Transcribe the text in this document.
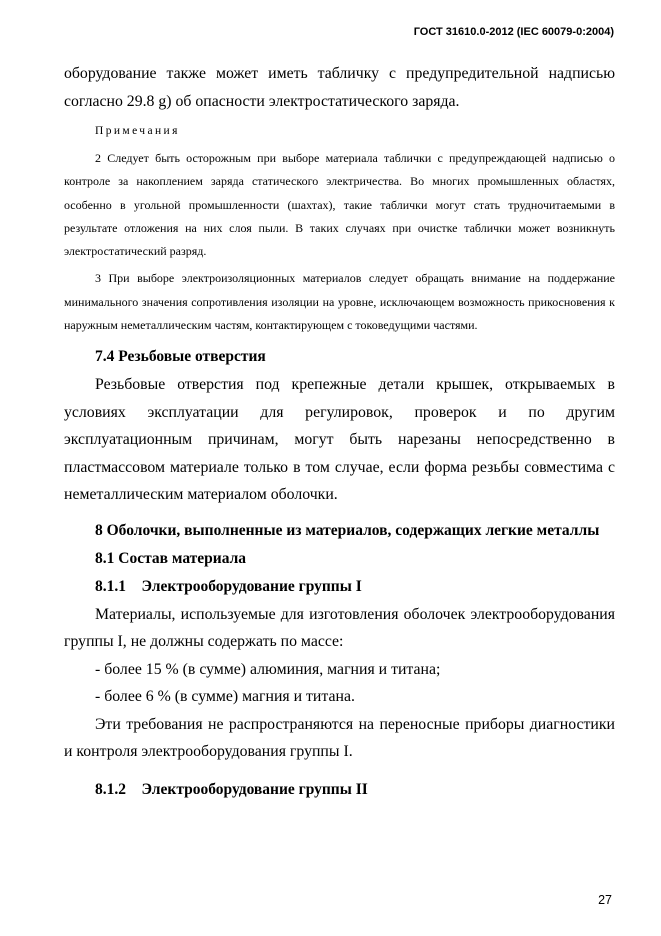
ГОСТ 31610.0-2012 (IEC 60079-0:2004)

оборудование также может иметь табличку с предупредительной надписью согласно 29.8 g) об опасности электростатического заряда.

Примечания

2 Следует быть осторожным при выборе материала таблички с предупреждающей надписью о контроле за накоплением заряда статического электричества. Во многих промышленных областях, особенно в угольной промышленности (шахтах), такие таблички могут стать трудночитаемыми в результате отложения на них слоя пыли. В таких случаях при очистке таблички может возникнуть электростатический разряд.

3 При выборе электроизоляционных материалов следует обращать внимание на поддержание минимального значения сопротивления изоляции на уровне, исключающем возможность прикосновения к наружным неметаллическим частям, контактирующем с токоведущими частями.

7.4 Резьбовые отверстия

Резьбовые отверстия под крепежные детали крышек, открываемых в условиях эксплуатации для регулировок, проверок и по другим эксплуатационным причинам, могут быть нарезаны непосредственно в пластмассовом материале только в том случае, если форма резьбы совместима с неметаллическим материалом оболочки.

8 Оболочки, выполненные из материалов, содержащих легкие металлы

8.1 Состав материала

8.1.1 Электрооборудование группы I

Материалы, используемые для изготовления оболочек электрооборудования группы I, не должны содержать по массе:

- более 15 % (в сумме) алюминия, магния и титана;

- более 6 % (в сумме) магния и титана.

Эти требования не распространяются на переносные приборы диагностики и контроля электрооборудования группы I.

8.1.2 Электрооборудование группы II

27
